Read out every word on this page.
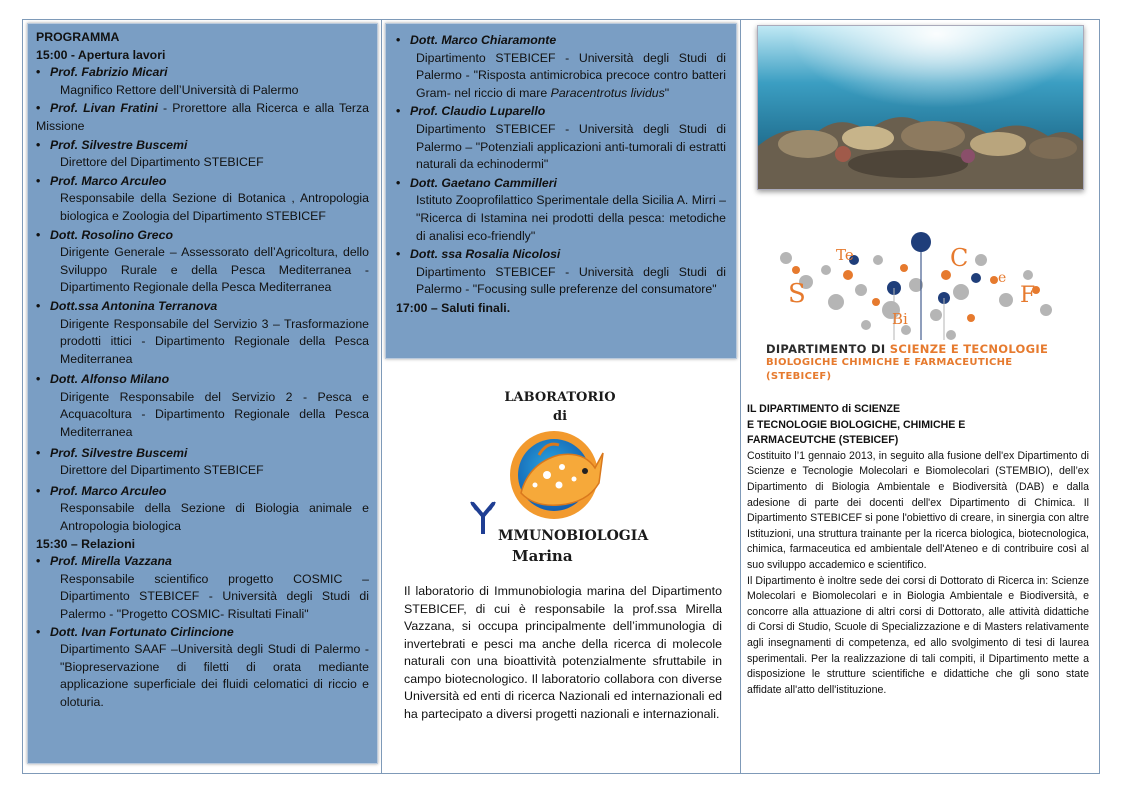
PROGRAMMA

15:00 - Apertura lavori

• Prof. Fabrizio Micari

Magnifico Rettore dell’Università di Palermo

• Prof. Livan Fratini - Prorettore alla Ricerca e alla Terza Missione

• Prof. Silvestre Buscemi

Direttore del Dipartimento STEBICEF

• Prof. Marco Arculeo

Responsabile della Sezione di Botanica , Antropologia biologica e Zoologia del Dipartimento STEBICEF

• Dott. Rosolino Greco

Dirigente Generale – Assessorato dell’Agricoltura, dello Sviluppo Rurale e della Pesca Mediterranea - Dipartimento Regionale della Pesca Mediterranea

• Dott.ssa Antonina Terranova

Dirigente Responsabile del Servizio 3 – Trasformazione prodotti ittici - Dipartimento Regionale della Pesca Mediterranea

• Dott. Alfonso Milano

Dirigente Responsabile del Servizio 2 - Pesca e Acquacoltura - Dipartimento Regionale della Pesca Mediterranea

• Prof. Silvestre Buscemi

Direttore del Dipartimento STEBICEF

• Prof. Marco Arculeo

Responsabile della Sezione di Biologia animale e Antropologia biologica

15:30 – Relazioni

• Prof. Mirella Vazzana

Responsabile scientifico progetto COSMIC – Dipartimento STEBICEF - Università degli Studi di Palermo - "Progetto COSMIC- Risultati Finali"

• Dott. Ivan Fortunato Cirlincione

Dipartimento SAAF –Università degli Studi di Palermo - "Biopreservazione di filetti di orata mediante applicazione superficiale dei fluidi celomatici di riccio e oloturia.

• Dott. Marco Chiaramonte

Dipartimento STEBICEF - Università degli Studi di Palermo - "Risposta antimicrobica precoce contro batteri Gram- nel riccio di mare Paracentrotus lividus"

• Prof. Claudio Luparello

Dipartimento STEBICEF - Università degli Studi di Palermo – "Potenziali applicazioni anti-tumorali di estratti naturali da echinodermi"

• Dott. Gaetano Cammilleri

Istituto Zooprofilattico Sperimentale della Sicilia A. Mirri – "Ricerca di Istamina nei prodotti della pesca: metodiche di analisi eco-friendly"

• Dott. ssa Rosalia Nicolosi

Dipartimento STEBICEF - Università degli Studi di Palermo - "Focusing sulle preferenze del consumatore"

17:00 – Saluti finali.

LABORATORIO
di
MMUNOBIOLOGIA
Marina

Il laboratorio di Immunobiologia marina del Dipartimento STEBICEF, di cui è responsabile la prof.ssa Mirella Vazzana, si occupa principalmente dell’immunologia di invertebrati e pesci ma anche della ricerca di molecole naturali con una bioattività potenzialmente sfruttabile in campo biotecnologico. Il laboratorio collabora con diverse Università ed enti di ricerca Nazionali ed internazionali ed ha partecipato a diversi progetti nazionali e internazionali.

S
Te
Bi
C
e
F
DIPARTIMENTO DI SCIENZE E TECNOLOGIE
BIOLOGICHE CHIMICHE E FARMACEUTICHE (STEBICEF)

IL DIPARTIMENTO di SCIENZE
E TECNOLOGIE BIOLOGICHE, CHIMICHE E
FARMACEUTCHE (STEBICEF)

Costituito l’1 gennaio 2013, in seguito alla fusione dell'ex Dipartimento di Scienze e Tecnologie Molecolari e Biomolecolari (STEMBIO), dell’ex Dipartimento di Biologia Ambientale e Biodiversità (DAB) e dalla adesione di parte dei docenti dell'ex Dipartimento di Chimica. Il Dipartimento STEBICEF si pone l'obiettivo di creare, in sinergia con altre Istituzioni, una struttura trainante per la ricerca biologica, biotecnologica, chimica, farmaceutica ed ambientale dell'Ateneo e di contribuire così al suo sviluppo accademico e scientifico.

Il Dipartimento è inoltre sede dei corsi di Dottorato di Ricerca in: Scienze Molecolari e Biomolecolari e in Biologia Ambientale e Biodiversità, e concorre alla attuazione di altri corsi di Dottorato, alle attività didattiche di Corsi di Studio, Scuole di Specializzazione e di Masters relativamente agli insegnamenti di competenza, ed allo svolgimento di tesi di laurea sperimentali. Per la realizzazione di tali compiti, il Dipartimento mette a disposizione le strutture scientifiche e didattiche che gli sono state affidate all'atto dell'istituzione.
